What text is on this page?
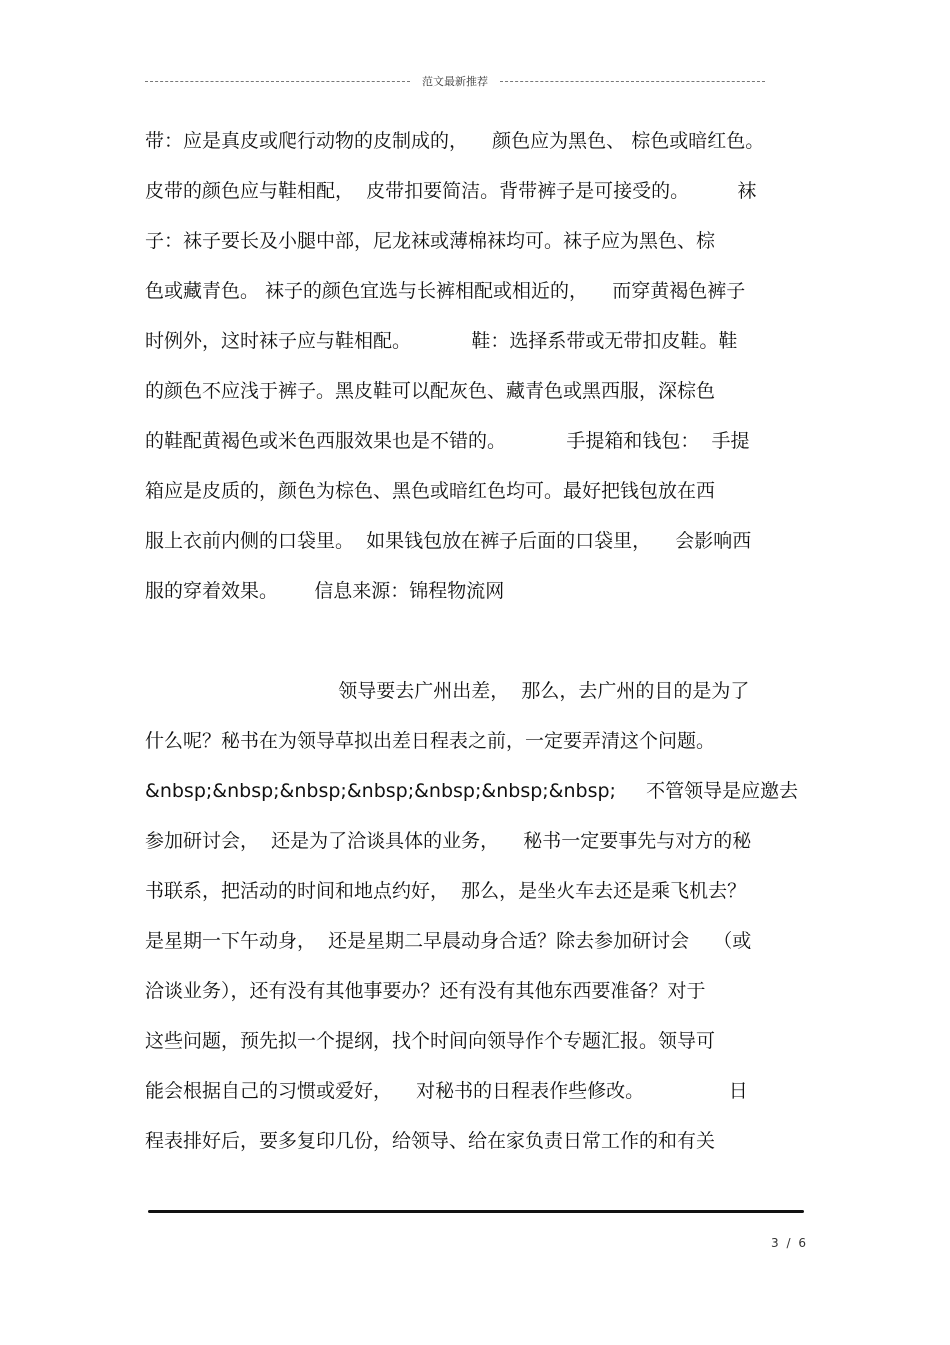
范文最新推荐
带：应是真皮或爬行动物的皮制成的，    颜色应为黑色、 棕色或暗红色。
皮带的颜色应与鞋相配，  皮带扣要简洁。背带裤子是可接受的。        袜
子：袜子要长及小腿中部，尼龙袜或薄棉袜均可。袜子应为黑色、棕
色或藏青色。 袜子的颜色宜选与长裤相配或相近的，    而穿黄褐色裤子
时例外，这时袜子应与鞋相配。          鞋：选择系带或无带扣皮鞋。鞋
的颜色不应浅于裤子。黑皮鞋可以配灰色、藏青色或黑西服，深棕色
的鞋配黄褐色或米色西服效果也是不错的。          手提箱和钱包：  手提
箱应是皮质的，颜色为棕色、黑色或暗红色均可。最好把钱包放在西
服上衣前内侧的口袋里。  如果钱包放在裤子后面的口袋里，    会影响西
服的穿着效果。      信息来源：锦程物流网
领导要去广州出差，  那么，去广州的目的是为了
什么呢？秘书在为领导草拟出差日程表之前，一定要弄清这个问题。
&nbsp;&nbsp;&nbsp;&nbsp;&nbsp;&nbsp;&nbsp;     不管领导是应邀去
参加研讨会，  还是为了洽谈具体的业务，    秘书一定要事先与对方的秘
书联系，把活动的时间和地点约好，  那么，是坐火车去还是乘飞机去？
是星期一下午动身，  还是星期二早晨动身合适？除去参加研讨会    （或
洽谈业务），还有没有其他事要办？还有没有其他东西要准备？对于
这些问题，预先拟一个提纲，找个时间向领导作个专题汇报。领导可
能会根据自己的习惯或爱好，    对秘书的日程表作些修改。              日
程表排好后，要多复印几份，给领导、给在家负责日常工作的和有关
3 / 6
